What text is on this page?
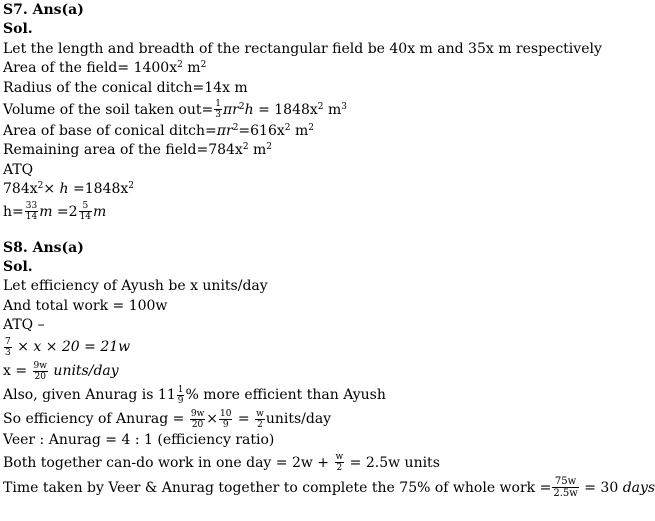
S7. Ans(a)
Sol.
Let the length and breadth of the rectangular field be 40x m and 35x m respectively
Area of the field= $1400x^2$ $m^2$
Radius of the conical ditch=14x m
Volume of the soil taken $out= \frac{1}{3} \pi r^2h = 1848x^2$ $m^3$
Area of base of conical $ditch=\pi r^2=616x^2$ $m^2$
Remaining area of the $field=784x^2$ $m^2$
ATQ
$784x^2\times h =1848x^2$
$h= \frac{33}{14}$ $m =2 \frac{5}{14}$ m
S8. Ans(a)
Sol.
Let efficiency of Ayush be x units/day
And total work = 100w
ATQ –
$\frac{7}{3} \times x \times 20 = 21w$
$x = \frac{9w}{20}$ units/day
Also, given Anurag is $11 \frac{1}{9}$ % more efficient than Ayush
So efficiency of Anurag = $\frac{9w}{20} \times \frac{10}{9} = \frac{w}{2}$ units/day
Veer : Anurag = 4 : 1 (efficiency ratio)
Both together can-do work in one day = $2w + \frac{w}{2} = 2.5w$ units
Time taken by Veer & Anurag together to complete the 75% of whole work = $\frac{75w}{2.5w} = 30$ days
